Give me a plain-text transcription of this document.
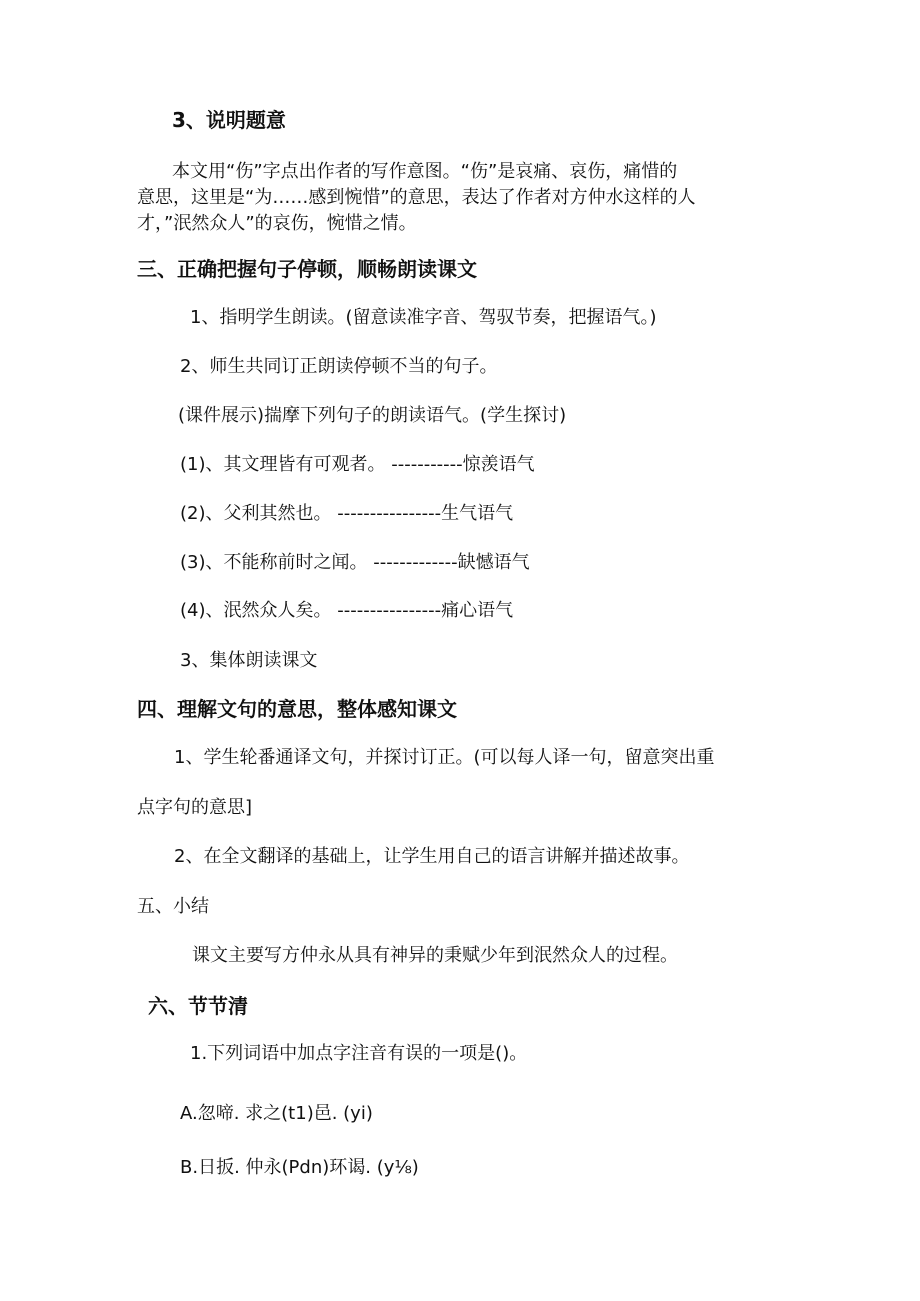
3、说明题意
本文用“伤”字点出作者的写作意图。“伤”是哀痛、哀伤，痛惜的
意思，这里是“为……感到惋惜”的意思，表达了作者对方仲水这样的人
才，”泯然众人”的哀伤，惋惜之情。
三、正确把握句子停顿，顺畅朗读课文
1、指明学生朗读。(留意读准字音、驾驭节奏，把握语气。)
2、师生共同订正朗读停顿不当的句子。
(课件展示)揣摩下列句子的朗读语气。(学生探讨)
(1)、其文理皆有可观者。 -----------惊羡语气
(2)、父利其然也。 ----------------生气语气
(3)、不能称前时之闻。 -------------缺憾语气
(4)、泯然众人矣。 ----------------痛心语气
3、集体朗读课文
四、理解文句的意思，整体感知课文
1、学生轮番通译文句，并探讨订正。(可以每人译一句，留意突出重
点字句的意思]
2、在全文翻译的基础上，让学生用自己的语言讲解并描述故事。
五、小结
课文主要写方仲永从具有神异的秉赋少年到泯然众人的过程。
六、节节清
1.下列词语中加点字注音有误的一项是()。
A.忽啼. 求之(t1)邑. (yi)
B.日扳. 仲永(Pdn)环谒. (y⅛)
